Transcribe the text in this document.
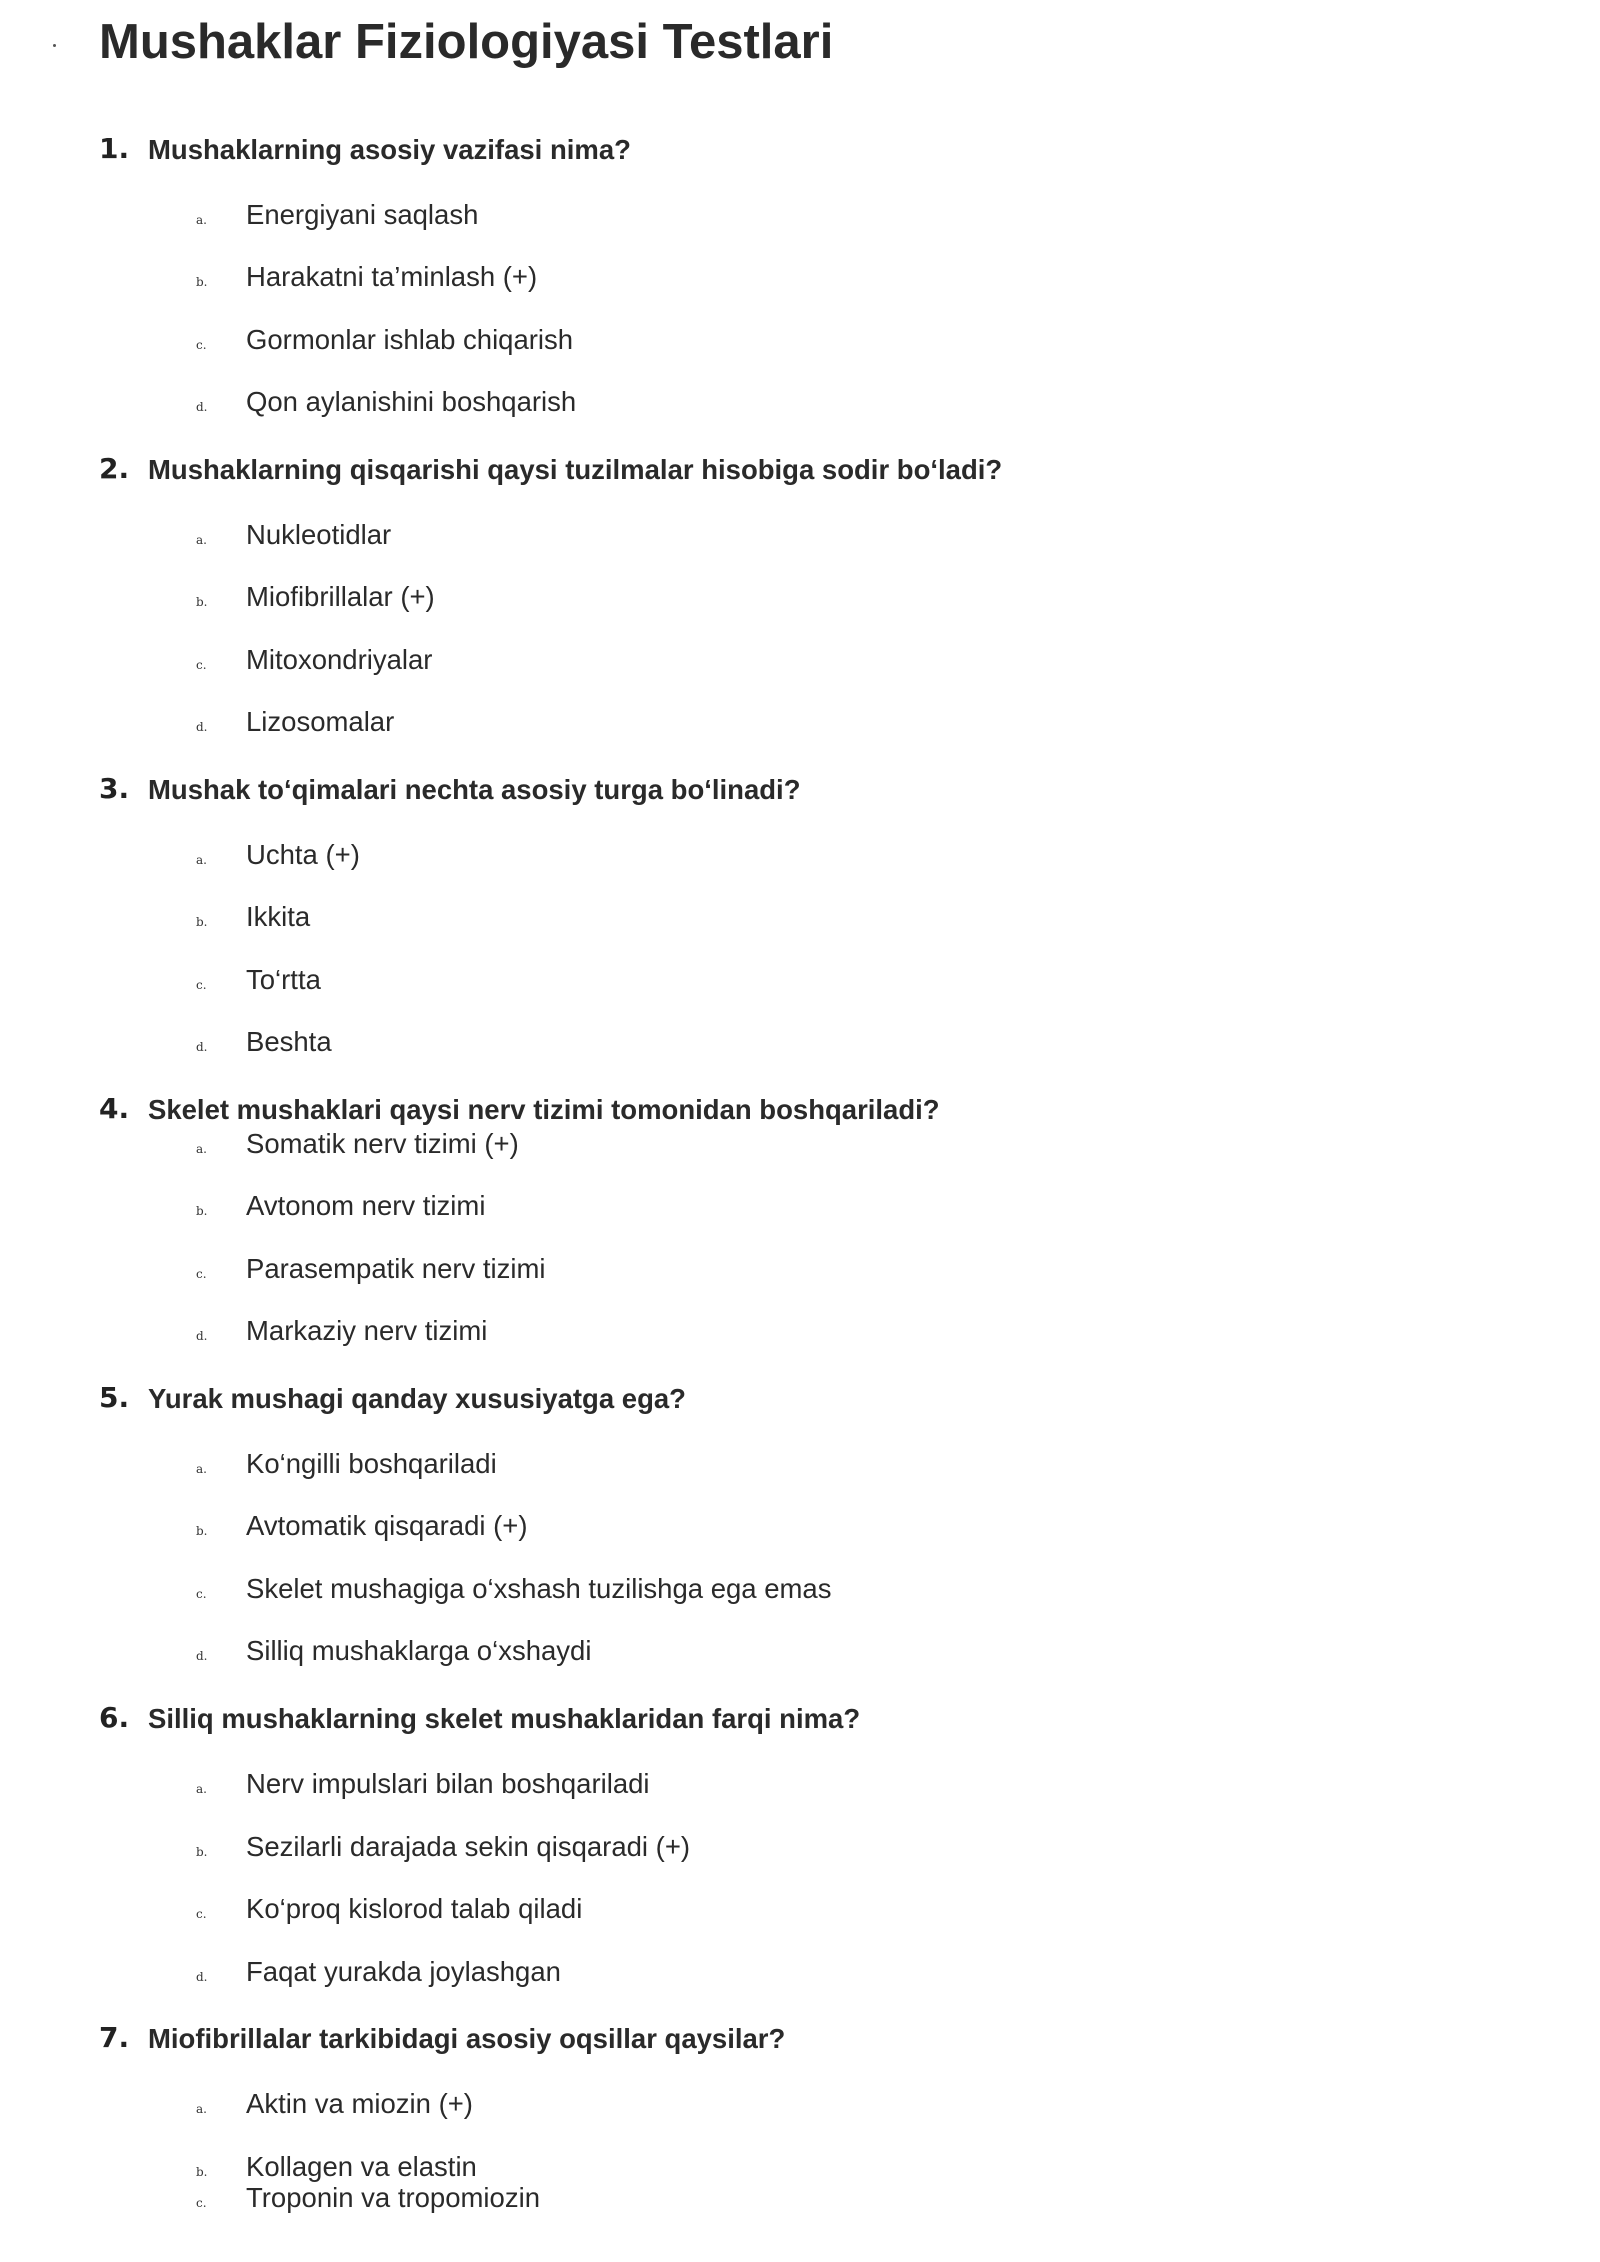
Mushaklar Fiziologiyasi Testlari
1. Mushaklarning asosiy vazifasi nima?
a. Energiyani saqlash
b. Harakatni ta’minlash (+)
c. Gormonlar ishlab chiqarish
d. Qon aylanishini boshqarish
2. Mushaklarning qisqarishi qaysi tuzilmalar hisobiga sodir bo‘ladi?
a. Nukleotidlar
b. Miofibrillalar (+)
c. Mitoxondriyalar
d. Lizosomalar
3. Mushak to‘qimalari nechta asosiy turga bo‘linadi?
a. Uchta (+)
b. Ikkita
c. To‘rtta
d. Beshta
4. Skelet mushaklari qaysi nerv tizimi tomonidan boshqariladi?
a. Somatik nerv tizimi (+)
b. Avtonom nerv tizimi
c. Parasempatik nerv tizimi
d. Markaziy nerv tizimi
5. Yurak mushagi qanday xususiyatga ega?
a. Ko‘ngilli boshqariladi
b. Avtomatik qisqaradi (+)
c. Skelet mushagiga o‘xshash tuzilishga ega emas
d. Silliq mushaklarga o‘xshaydi
6. Silliq mushaklarning skelet mushaklaridan farqi nima?
a. Nerv impulslari bilan boshqariladi
b. Sezilarli darajada sekin qisqaradi (+)
c. Ko‘proq kislorod talab qiladi
d. Faqat yurakda joylashgan
7. Miofibrillalar tarkibidagi asosiy oqsillar qaysilar?
a. Aktin va miozin (+)
b. Kollagen va elastin
c. Troponin va tropomiozin
